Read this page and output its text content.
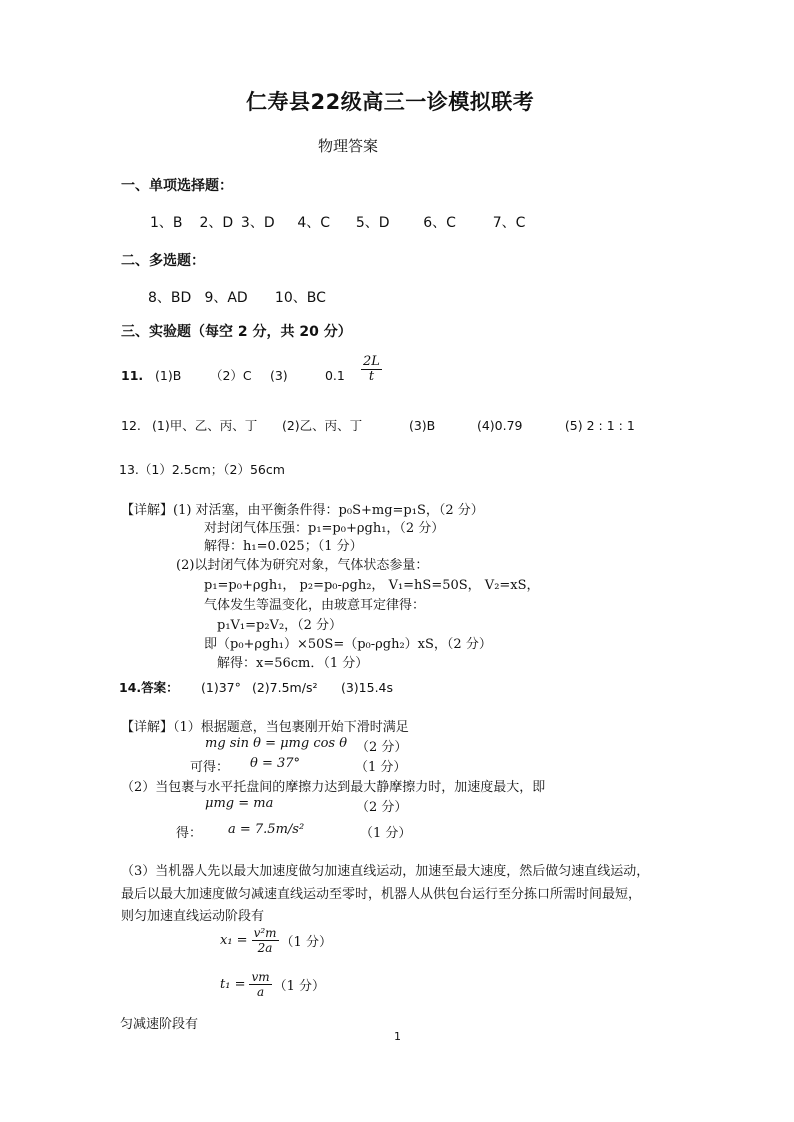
仁寿县22级高三一诊模拟联考
物理答案
一、单项选择题：
1、B 2、D 3、D 4、C 5、D 6、C	7、C
二、多选题：
8、BD 9、AD 10、BC
三、实验题（每空 2 分，共 20 分）
11. (1)B （2）C (3)	$0.1 \frac{2L}{t}$
12. (1)甲、乙、丙、丁 (2)乙、丙、丁	(3)B	(4)0.79	(5) 2 : 1 : 1
13.（1）2.5cm；（2）56cm
【详解】(1) 对活塞，由平衡条件得：p₀S+mg=p₁S，（2 分）
对封闭气体压强：p₁=p₀+ρgh₁，（2 分）
解得：h₁=0.025；（1 分）
(2)以封闭气体为研究对象，气体状态参量：
p₁=p₀+ρgh₁， p₂=p₀-ρgh₂， V₁=hS=50S， V₂=xS，
气体发生等温变化，由玻意耳定律得：
p₁V₁=p₂V₂，（2 分）
即（p₀+ρgh₁）×50S=（p₀-ρgh₂）xS，（2 分）
解得：x=56cm．（1 分）
14.答案： (1)37° (2)7.5m/s² (3)15.4s
【详解】（1）根据题意，当包裹刚开始下滑时满足
mg sin θ = μmg cos θ （2 分）
可得： θ = 37°	（1 分）
（2）当包裹与水平托盘间的摩擦力达到最大静摩擦力时，加速度最大，即
μmg = ma	（2 分）
得： a = 7.5m/s²	（1 分）
（3）当机器人先以最大加速度做匀加速直线运动，加速至最大速度，然后做匀速直线运动，
最后以最大加速度做匀减速直线运动至零时，机器人从供包台运行至分拣口所需时间最短，
则匀加速直线运动阶段有
$x_1 = \frac{\text{v²m}}{2a} (1$ 分）
$t_1 = \frac{vm}{a} (1$ 分）
匀减速阶段有
1
